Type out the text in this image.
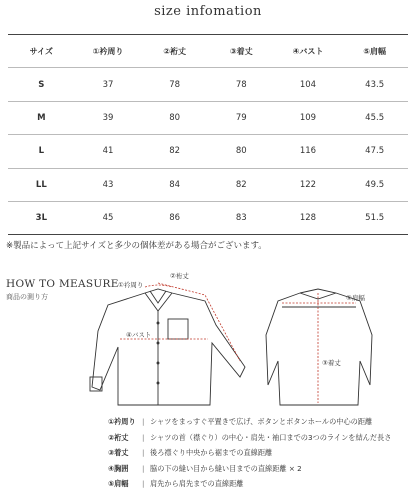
size infomation
サイズ	①衿周り	②裄丈	③着丈	④バスト	⑤肩幅
S	37	78	78	104	43.5
M	39	80	79	109	45.5
L	41	82	80	116	47.5
LL	43	84	82	122	49.5
3L	45	86	83	128	51.5
※製品によって上記サイズと多少の個体差がある場合がございます。
HOW TO MEASURE
商品の測り方
①衿周り
②裄丈
④バスト
⑤肩幅
③着丈
①衿周り | シャツをまっすぐ平置きで広げ、ボタンとボタンホールの中心の距離
②裄丈 | シャツの首（襟ぐり）の中心・肩先・袖口までの3つのラインを結んだ長さ
③着丈 | 後ろ襟ぐり中央から裾までの直線距離
④胸囲 | 脇の下の縫い目から縫い目までの直線距離 × 2
⑤肩幅 | 肩先から肩先までの直線距離
